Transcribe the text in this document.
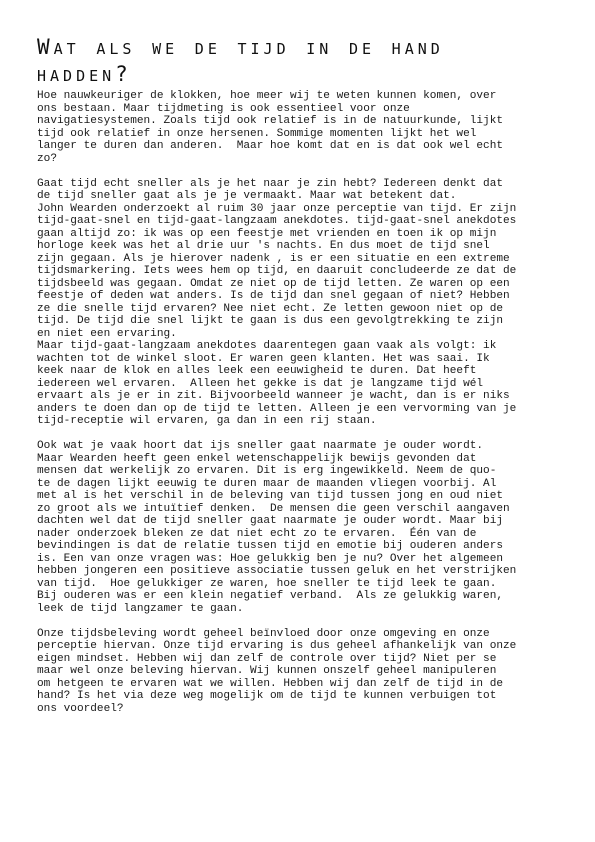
Wat als we de tijd in de hand
hadden?
Hoe nauwkeuriger de klokken, hoe meer wij te weten kunnen komen, over
ons bestaan. Maar tijdmeting is ook essentieel voor onze
navigatiesystemen. Zoals tijd ook relatief is in de natuurkunde, lijkt
tijd ook relatief in onze hersenen. Sommige momenten lijkt het wel
langer te duren dan anderen.  Maar hoe komt dat en is dat ook wel echt
zo?
Gaat tijd echt sneller als je het naar je zin hebt? Iedereen denkt dat
de tijd sneller gaat als je je vermaakt. Maar wat betekent dat.
John Wearden onderzoekt al ruim 30 jaar onze perceptie van tijd. Er zijn
tijd-gaat-snel en tijd-gaat-langzaam anekdotes. tijd-gaat-snel anekdotes
gaan altijd zo: ik was op een feestje met vrienden en toen ik op mijn
horloge keek was het al drie uur 's nachts. En dus moet de tijd snel
zijn gegaan. Als je hierover nadenk , is er een situatie en een extreme
tijdsmarkering. Iets wees hem op tijd, en daaruit concludeerde ze dat de
tijdsbeeld was gegaan. Omdat ze niet op de tijd letten. Ze waren op een
feestje of deden wat anders. Is de tijd dan snel gegaan of niet? Hebben
ze die snelle tijd ervaren? Nee niet echt. Ze letten gewoon niet op de
tijd. De tijd die snel lijkt te gaan is dus een gevolgtrekking te zijn
en niet een ervaring.
Maar tijd-gaat-langzaam anekdotes daarentegen gaan vaak als volgt: ik
wachten tot de winkel sloot. Er waren geen klanten. Het was saai. Ik
keek naar de klok en alles leek een eeuwigheid te duren. Dat heeft
iedereen wel ervaren.  Alleen het gekke is dat je langzame tijd wél
ervaart als je er in zit. Bijvoorbeeld wanneer je wacht, dan is er niks
anders te doen dan op de tijd te letten. Alleen je een vervorming van je
tijd-receptie wil ervaren, ga dan in een rij staan.
Ook wat je vaak hoort dat ijs sneller gaat naarmate je ouder wordt.
Maar Wearden heeft geen enkel wetenschappelijk bewijs gevonden dat
mensen dat werkelijk zo ervaren. Dit is erg ingewikkeld. Neem de quo-
te de dagen lijkt eeuwig te duren maar de maanden vliegen voorbij. Al
met al is het verschil in de beleving van tijd tussen jong en oud niet
zo groot als we intuïtief denken.  De mensen die geen verschil aangaven
dachten wel dat de tijd sneller gaat naarmate je ouder wordt. Maar bij
nader onderzoek bleken ze dat niet echt zo te ervaren.  Één van de
bevindingen is dat de relatie tussen tijd en emotie bij ouderen anders
is. Een van onze vragen was: Hoe gelukkig ben je nu? Over het algemeen
hebben jongeren een positieve associatie tussen geluk en het verstrijken
van tijd.  Hoe gelukkiger ze waren, hoe sneller te tijd leek te gaan.
Bij ouderen was er een klein negatief verband.  Als ze gelukkig waren,
leek de tijd langzamer te gaan.
Onze tijdsbeleving wordt geheel beïnvloed door onze omgeving en onze
perceptie hiervan. Onze tijd ervaring is dus geheel afhankelijk van onze
eigen mindset. Hebben wij dan zelf de controle over tijd? Niet per se
maar wel onze beleving hiervan. Wij kunnen onszelf geheel manipuleren
om hetgeen te ervaren wat we willen. Hebben wij dan zelf de tijd in de
hand? Is het via deze weg mogelijk om de tijd te kunnen verbuigen tot
ons voordeel?
